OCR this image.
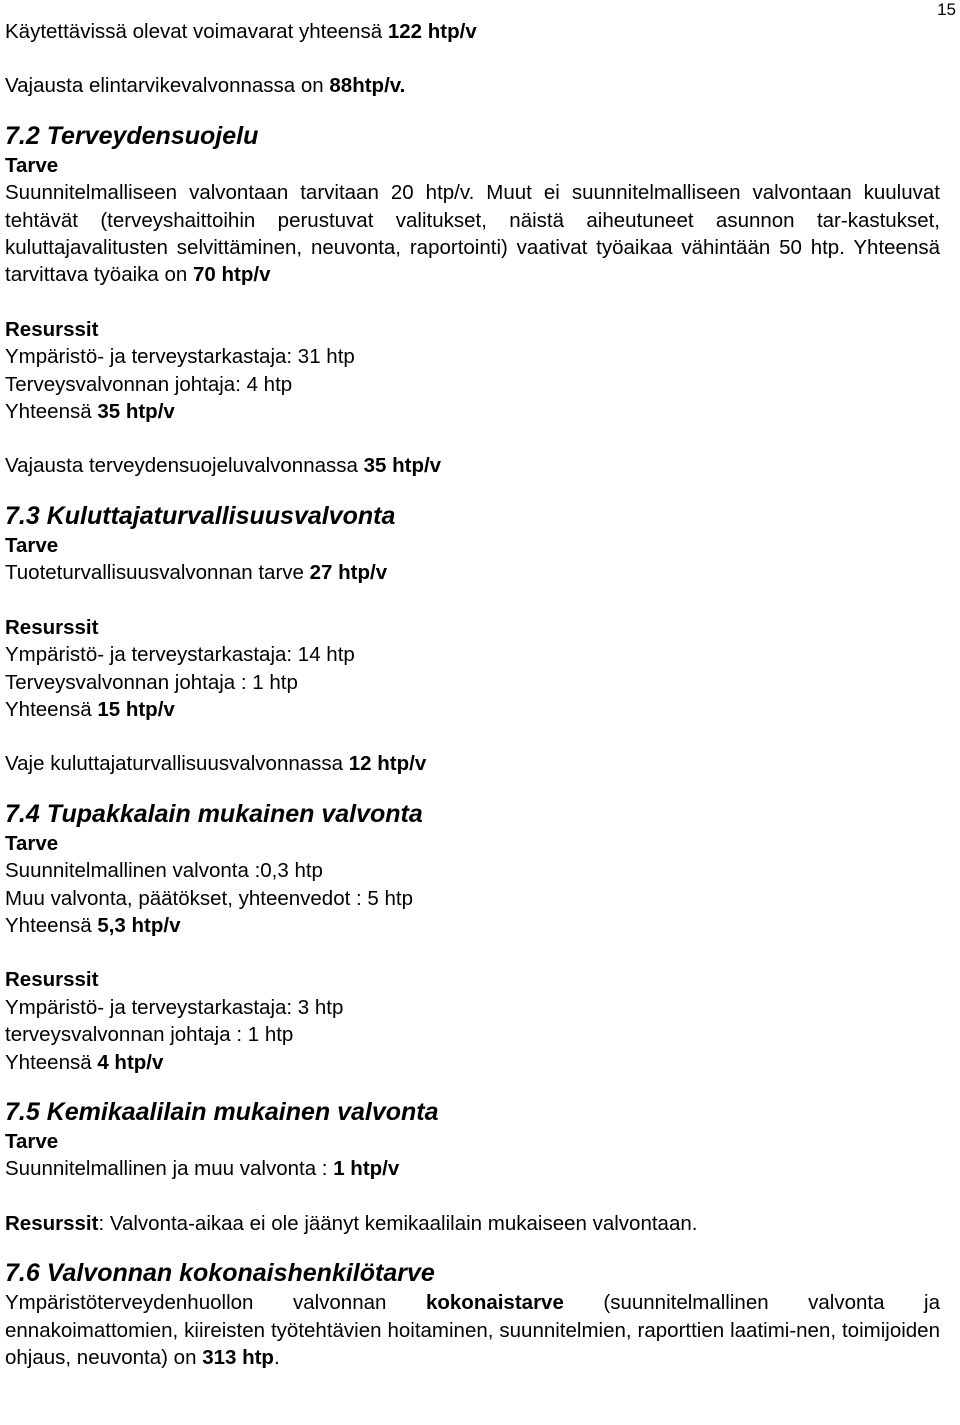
15

Käytettävissä olevat voimavarat yhteensä 122 htp/v

Vajausta elintarvikevalvonnassa on 88htp/v.

7.2 Terveydensuojelu

Tarve

Suunnitelmalliseen valvontaan tarvitaan 20 htp/v. Muut ei suunnitelmalliseen valvontaan kuuluvat tehtävät (terveyshaittoihin perustuvat valitukset, näistä aiheutuneet asunnon tar-kastukset, kuluttajavalitusten selvittäminen, neuvonta, raportointi) vaativat työaikaa vähintään 50 htp. Yhteensä tarvittava työaika on 70 htp/v

Resurssit

Ympäristö- ja terveystarkastaja: 31 htp

Terveysvalvonnan johtaja: 4 htp

Yhteensä 35 htp/v

Vajausta terveydensuojeluvalvonnassa 35 htp/v

7.3 Kuluttajaturvallisuusvalvonta

Tarve

Tuoteturvallisuusvalvonnan tarve 27 htp/v

Resurssit

Ympäristö- ja terveystarkastaja: 14 htp

Terveysvalvonnan johtaja : 1 htp

Yhteensä 15 htp/v

Vaje kuluttajaturvallisuusvalvonnassa 12 htp/v

7.4 Tupakkalain mukainen valvonta

Tarve

Suunnitelmallinen valvonta :0,3 htp

Muu valvonta, päätökset, yhteenvedot : 5 htp

Yhteensä 5,3 htp/v

Resurssit

Ympäristö- ja terveystarkastaja: 3 htp

terveysvalvonnan johtaja : 1 htp

Yhteensä 4 htp/v

7.5 Kemikaalilain mukainen valvonta

Tarve

Suunnitelmallinen ja muu valvonta : 1 htp/v

Resurssit: Valvonta-aikaa ei ole jäänyt kemikaalilain mukaiseen valvontaan.

7.6 Valvonnan kokonaishenkilötarve

Ympäristöterveydenhuollon valvonnan kokonaistarve (suunnitelmallinen valvonta ja ennakoimattomien, kiireisten työtehtävien hoitaminen, suunnitelmien, raporttien laatimi-nen, toimijoiden ohjaus, neuvonta) on 313 htp.
